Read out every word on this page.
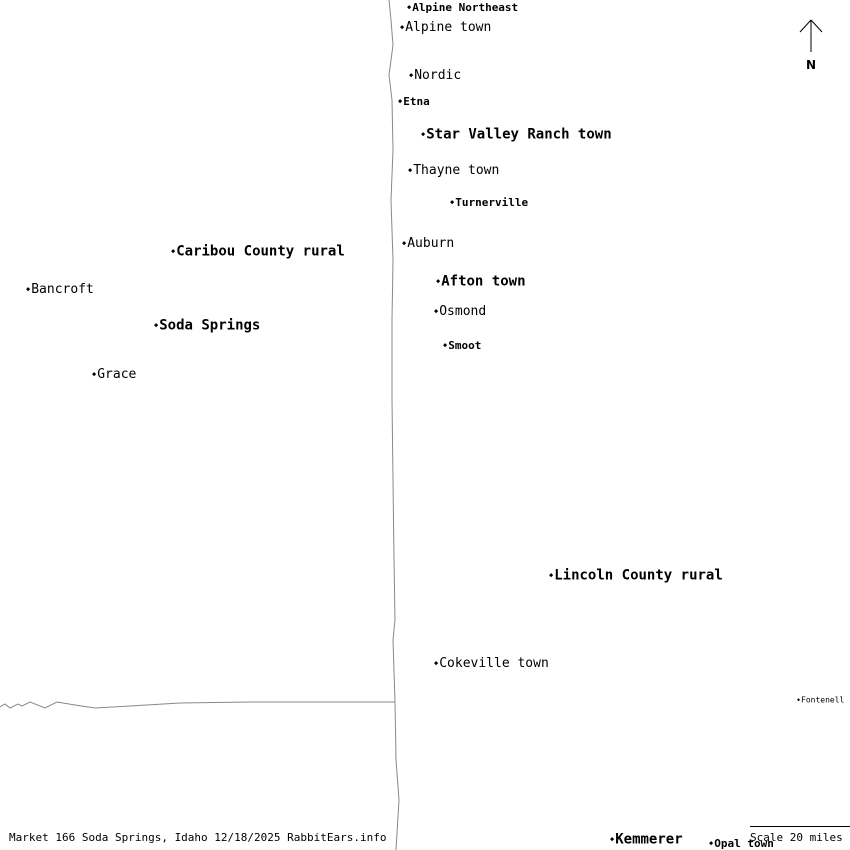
◆Alpine Northeast
◆Alpine town
◆Nordic
◆Etna
◆Star Valley Ranch town
◆Thayne town
◆Turnerville
◆Caribou County rural
◆Auburn
◆Afton town
◆Bancroft
◆Osmond
◆Soda Springs
◆Smoot
◆Grace
◆Lincoln County rural
◆Cokeville town
◆Fontenell
◆Kemmerer	◆Opal town
N
Market 166 Soda Springs, Idaho 12/18/2025 RabbitEars.info	Scale 20 miles
